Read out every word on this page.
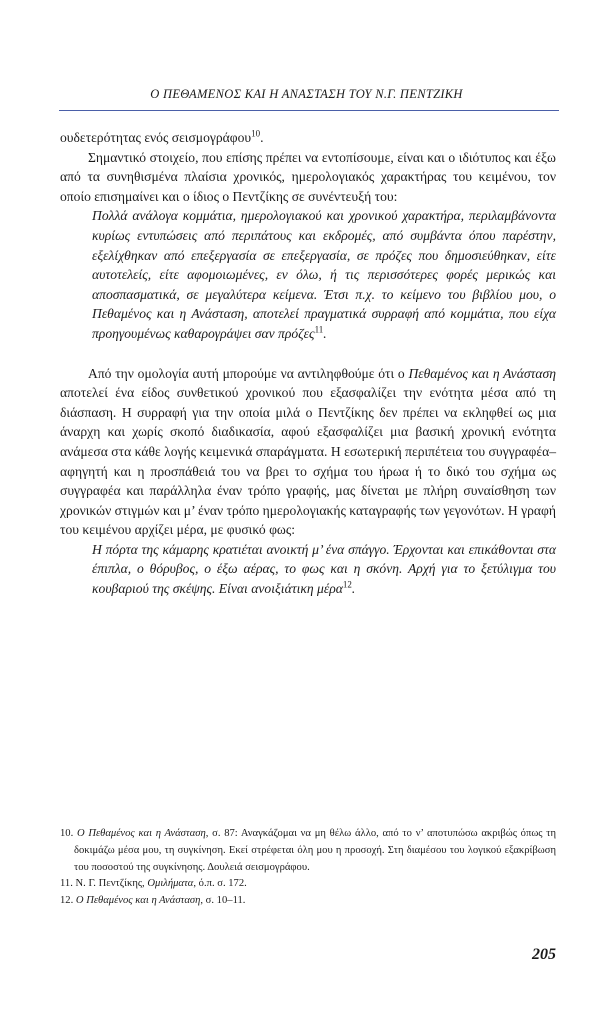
Ο ΠΕΘΑΜΕΝΟΣ ΚΑΙ Η ΑΝΑΣΤΑΣΗ ΤΟΥ Ν.Γ. ΠΕΝΤΖΙΚΗ

ουδετερότητας ενός σεισμογράφου$^{10}$.

Σημαντικό στοιχείο, που επίσης πρέπει να εντοπίσουμε, είναι και ο ιδιότυπος και έξω από τα συνηθισμένα πλαίσια χρονικός, ημερολογιακός χαρακτήρας του κειμένου, τον οποίο επισημαίνει και ο ίδιος ο Πεντζίκης σε συνέντευξή του:

Πολλά ανάλογα κομμάτια, ημερολογιακού και χρονικού χαρακτήρα, περιλαμβάνοντα κυρίως εντυπώσεις από περιπάτους και εκδρομές, από συμβάντα όπου παρέστην, εξελίχθηκαν από επεξεργασία σε επεξεργασία, σε πρόζες που δημοσιεύθηκαν, είτε αυτοτελείς, είτε αφομοιωμένες, εν όλω, ή τις περισσότερες φορές μερικώς και αποσπασματικά, σε μεγαλύτερα κείμενα. Έτσι π.χ. το κείμενο του βιβλίου μου, ο Πεθαμένος και η Ανάσταση, αποτελεί πραγματικά συρραφή από κομμάτια, που είχα προηγουμένως καθαρογράψει σαν πρόζες$^{11}$.

Από την ομολογία αυτή μπορούμε να αντιληφθούμε ότι ο Πεθαμένος και η Ανάσταση αποτελεί ένα είδος συνθετικού χρονικού που εξασφαλίζει την ενότητα μέσα από τη διάσπαση. Η συρραφή για την οποία μιλά ο Πεντζίκης δεν πρέπει να εκληφθεί ως μια άναρχη και χωρίς σκοπό διαδικασία, αφού εξασφαλίζει μια βασική χρονική ενότητα ανάμεσα στα κάθε λογής κειμενικά σπαράγματα. Η εσωτερική περιπέτεια του συγγραφέα–αφηγητή και η προσπάθειά του να βρει το σχήμα του ήρωα ή το δικό του σχήμα ως συγγραφέα και παράλληλα έναν τρόπο γραφής, μας δίνεται με πλήρη συναίσθηση των χρονικών στιγμών και μ’ έναν τρόπο ημερολογιακής καταγραφής των γεγονότων. Η γραφή του κειμένου αρχίζει μέρα, με φυσικό φως:

Η πόρτα της κάμαρης κρατιέται ανοικτή μ’ ένα σπάγγο. Έρχονται και επικάθονται στα έπιπλα, ο θόρυβος, ο έξω αέρας, το φως και η σκόνη. Αρχή για το ξετύλιγμα του κουβαριού της σκέψης. Είναι ανοιξιάτικη μέρα$^{12}$.

10. Ο Πεθαμένος και η Ανάσταση, σ. 87: Αναγκάζομαι να μη θέλω άλλο, από το ν’ αποτυπώσω ακριβώς όπως τη δοκιμάζω μέσα μου, τη συγκίνηση. Εκεί στρέφεται όλη μου η προσοχή. Στη διαμέσου του λογικού εξακρίβωση του ποσοστού της συγκίνησης. Δουλειά σεισμογράφου.

11. Ν. Γ. Πεντζίκης, Ομιλήματα, ό.π. σ. 172.

12. Ο Πεθαμένος και η Ανάσταση, σ. 10–11.

205
